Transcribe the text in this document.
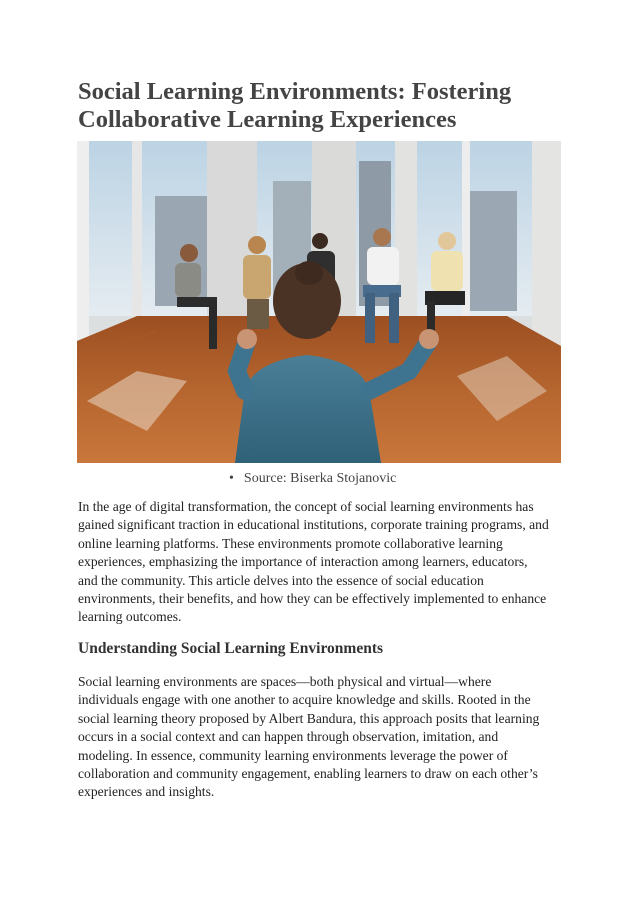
Social Learning Environments: Fostering
Collaborative Learning Experiences
• Source: Biserka Stojanovic

In the age of digital transformation, the concept of social learning environments has
gained significant traction in educational institutions, corporate training programs, and
online learning platforms. These environments promote collaborative learning
experiences, emphasizing the importance of interaction among learners, educators,
and the community. This article delves into the essence of social education
environments, their benefits, and how they can be effectively implemented to enhance
learning outcomes.

Understanding Social Learning Environments

Social learning environments are spaces—both physical and virtual—where
individuals engage with one another to acquire knowledge and skills. Rooted in the
social learning theory proposed by Albert Bandura, this approach posits that learning
occurs in a social context and can happen through observation, imitation, and
modeling. In essence, community learning environments leverage the power of
collaboration and community engagement, enabling learners to draw on each other’s
experiences and insights.
